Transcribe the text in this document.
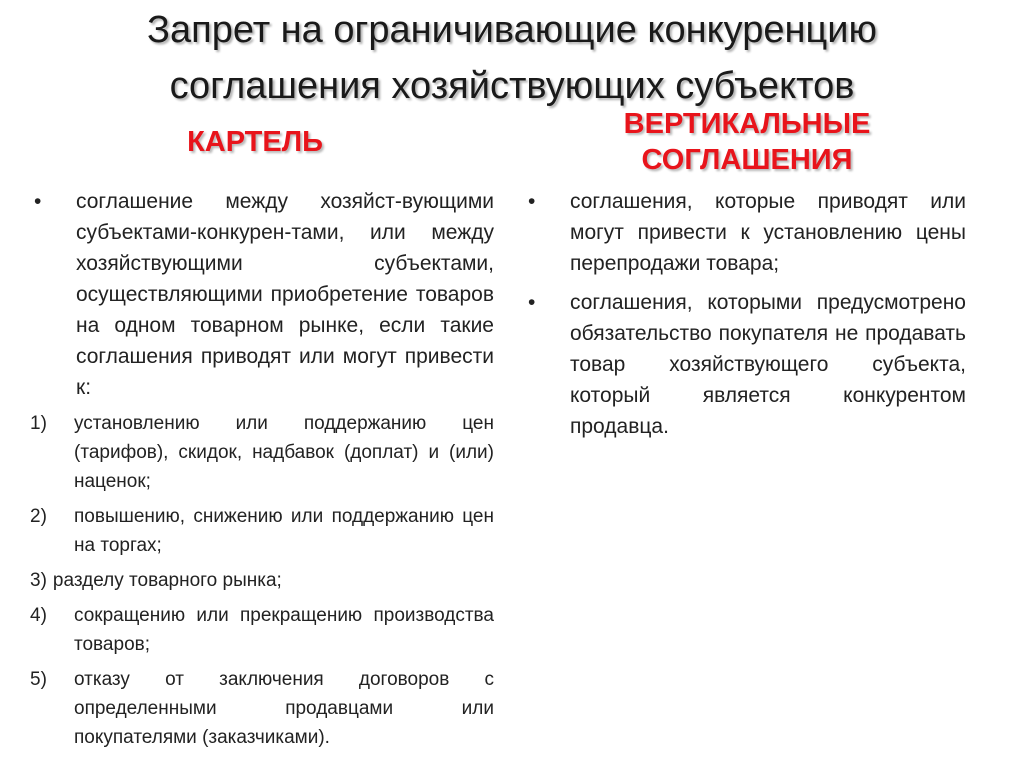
Запрет на ограничивающие конкуренцию
соглашения хозяйствующих субъектов
КАРТЕЛЬ
ВЕРТИКАЛЬНЫЕ
СОГЛАШЕНИЯ

• соглашение между хозяйст-вующими субъектами-конкурен-тами, или между хозяйствующими субъектами, осуществляющими приобретение товаров на одном товарном рынке, если такие соглашения приводят или могут привести к:

1) установлению или поддержанию цен (тарифов), скидок, надбавок (доплат) и (или) наценок;

2) повышению, снижению или поддержанию цен на торгах;

3) разделу товарного рынка;

4) сокращению или прекращению производства товаров;

5) отказу от заключения договоров с определенными продавцами или покупателями (заказчиками).

• соглашения, которые приводят или могут привести к установлению цены перепродажи товара;

• соглашения, которыми предусмотрено обязательство покупателя не продавать товар хозяйствующего субъекта, который является конкурентом продавца.
